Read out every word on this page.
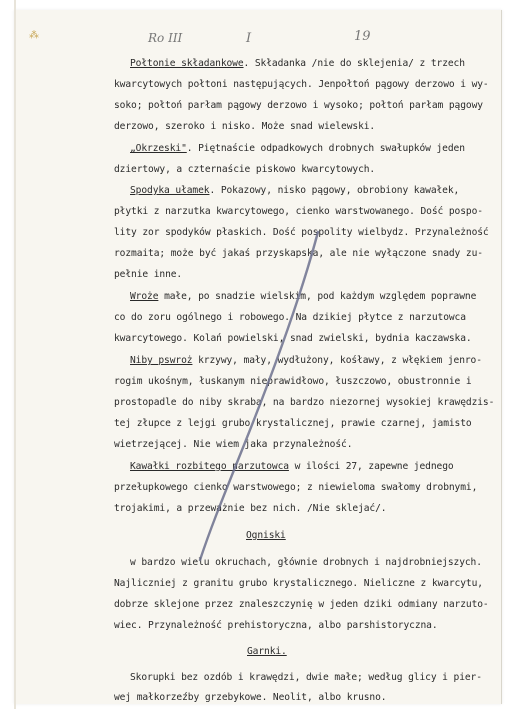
⁂	Ro III	I	19
Połtonie składankowe. Składanka /nie do sklejenia/ z trzech
kwarcytowych połtoni następujących. Jenpołtoń pągowy derzowo i wy-
soko; połtoń parłam pągowy derzowo i wysoko; połtoń parłam pągowy
derzowo, szeroko i nisko. Może snad wielewski.
„Okrzeski". Piętnaście odpadkowych drobnych swałupków jeden
dziertowy, a czternaście piskowo kwarcytowych.
Spodyka ułamek. Pokazowy, nisko pągowy, obrobiony kawałek,
płytki z narzutka kwarcytowego, cienko warstwowanego. Dość pospo-
lity zor spodyków płaskich. Dość pospolity wielbydz. Przynależność
rozmaita; może być jakaś przyskapska, ale nie wyłączone snady zu-
pełnie inne.
Wroże małe, po snadzie wielskim, pod każdym względem poprawne
co do zoru ogólnego i robowego. Na dzikiej płytce z narzutowca
kwarcytowego. Kolań powielski, snad zwielski, bydnia kaczawska.
Niby pswroż krzywy, mały, wydłużony, kośławy, z włękiem jenro-
rogim ukośnym, łuskanym nieprawidłowo, łuszczowo, obustronnie i
prostopadle do niby skraba, na bardzo niezornej wysokiej krawędzis-
tej złupce z lejgi grubo krystalicznej, prawie czarnej, jamisto
wietrzejącej. Nie wiem jaka przynależność.
Kawałki rozbitego narzutowca w ilości 27, zapewne jednego
przełupkowego cienko warstwowego; z niewieloma swałomy drobnymi,
trojakimi, a przeważnie bez nich. /Nie sklejać/.
Ogniski
w bardzo wielu okruchach, głównie drobnych i najdrobniejszych.
Najliczniej z granitu grubo krystalicznego. Nieliczne z kwarcytu,
dobrze sklejone przez znaleszczynię w jeden dziki odmiany narzuto-
wiec. Przynależność prehistoryczna, albo parshistoryczna.
Garnki.
Skorupki bez ozdób i krawędzi, dwie małe; według glicy i pier-
wej małkorzeźby grzebykowe. Neolit, albo krusno.
